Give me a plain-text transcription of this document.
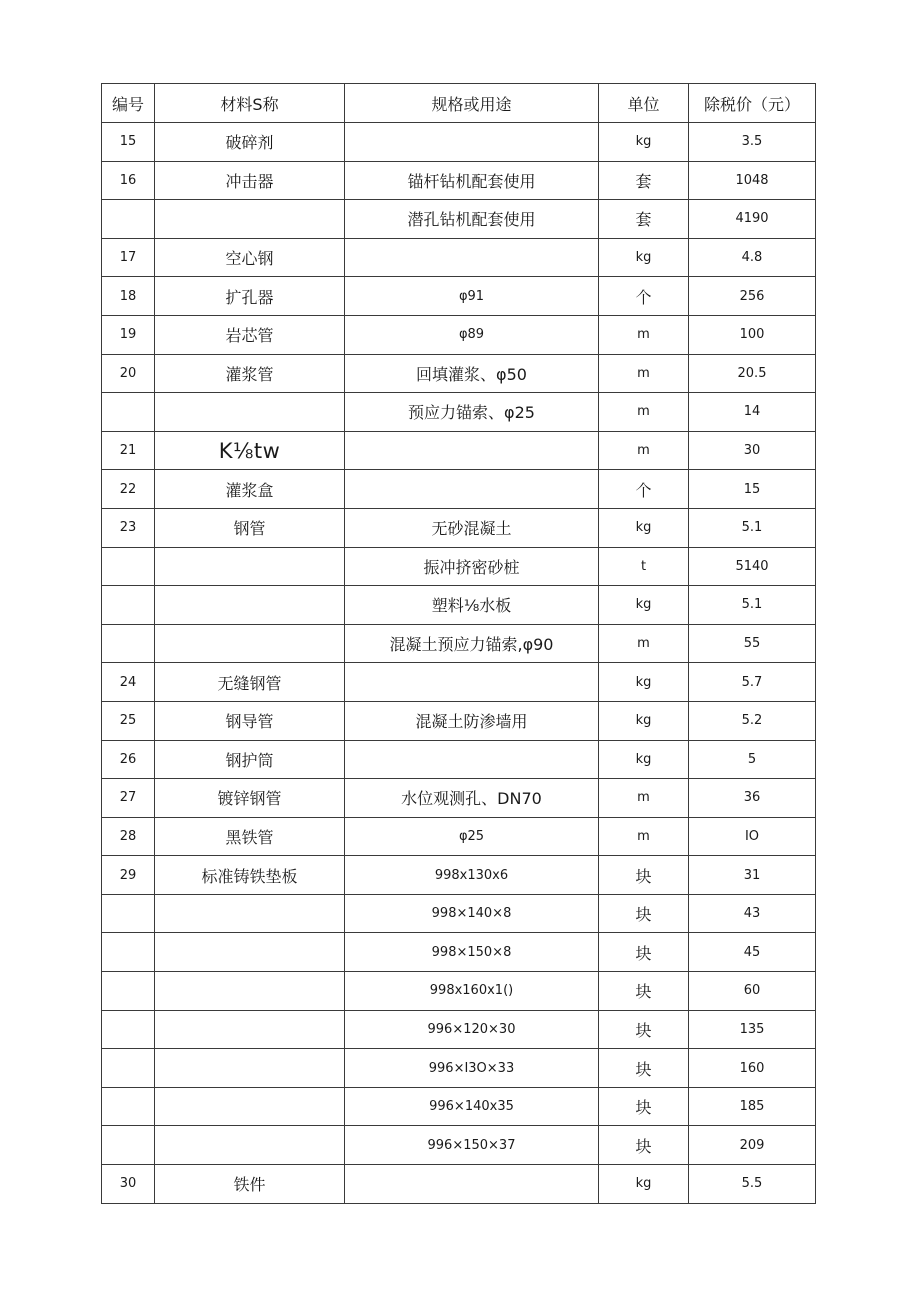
编号	材料S称	规格或用途	单位	除税价（元）
15	破碎剂		kg	3.5
16	冲击器	锚杆钻机配套使用	套	1048
		潜孔钻机配套使用	套	4190
17	空心钢		kg	4.8
18	扩孔器	φ91	个	256
19	岩芯管	φ89	m	100
20	灌浆管	回填灌浆、φ50	m	20.5
		预应力锚索、φ25	m	14
21	K⅛tw		m	30
22	灌浆盒		个	15
23	钢管	无砂混凝土	kg	5.1
		振冲挤密砂桩	t	5140
		塑料⅛水板	kg	5.1
		混凝土预应力锚索,φ90	m	55
24	无缝钢管		kg	5.7
25	钢导管	混凝土防渗墙用	kg	5.2
26	钢护筒		kg	5
27	镀锌钢管	水位观测孔、DN70	m	36
28	黑铁管	φ25	m	IO
29	标准铸铁垫板	998x130x6	块	31
		998×140×8	块	43
		998×150×8	块	45
		998x160x1()	块	60
		996×120×30	块	135
		996×I3O×33	块	160
		996×140x35	块	185
		996×150×37	块	209
30	铁件		kg	5.5
